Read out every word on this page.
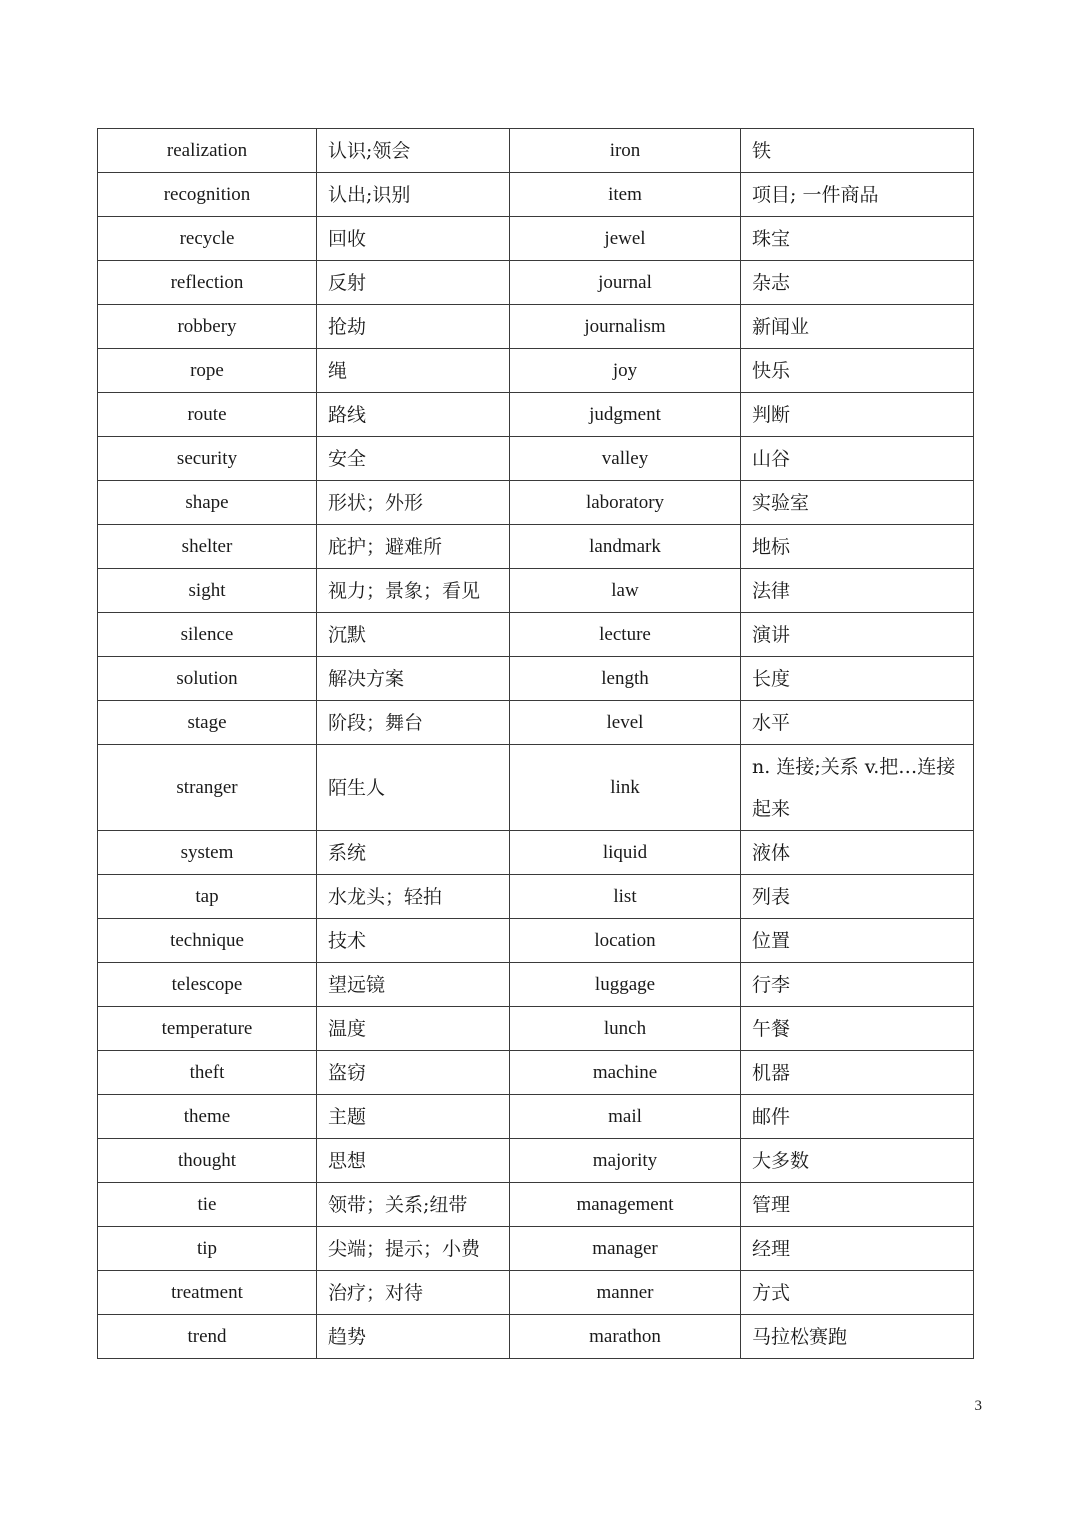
realization	认识;领会	iron	铁
recognition	认出;识别	item	项目; 一件商品
recycle	回收	jewel	珠宝
reflection	反射	journal	杂志
robbery	抢劫	journalism	新闻业
rope	绳	joy	快乐
route	路线	judgment	判断
security	安全	valley	山谷
shape	形状；外形	laboratory	实验室
shelter	庇护；避难所	landmark	地标
sight	视力；景象；看见	law	法律
silence	沉默	lecture	演讲
solution	解决方案	length	长度
stage	阶段；舞台	level	水平
stranger	陌生人	link	n. 连接;关系 v.把…连接起来
system	系统	liquid	液体
tap	水龙头；轻拍	list	列表
technique	技术	location	位置
telescope	望远镜	luggage	行李
temperature	温度	lunch	午餐
theft	盗窃	machine	机器
theme	主题	mail	邮件
thought	思想	majority	大多数
tie	领带；关系;纽带	management	管理
tip	尖端；提示；小费	manager	经理
treatment	治疗；对待	manner	方式
trend	趋势	marathon	马拉松赛跑
3
